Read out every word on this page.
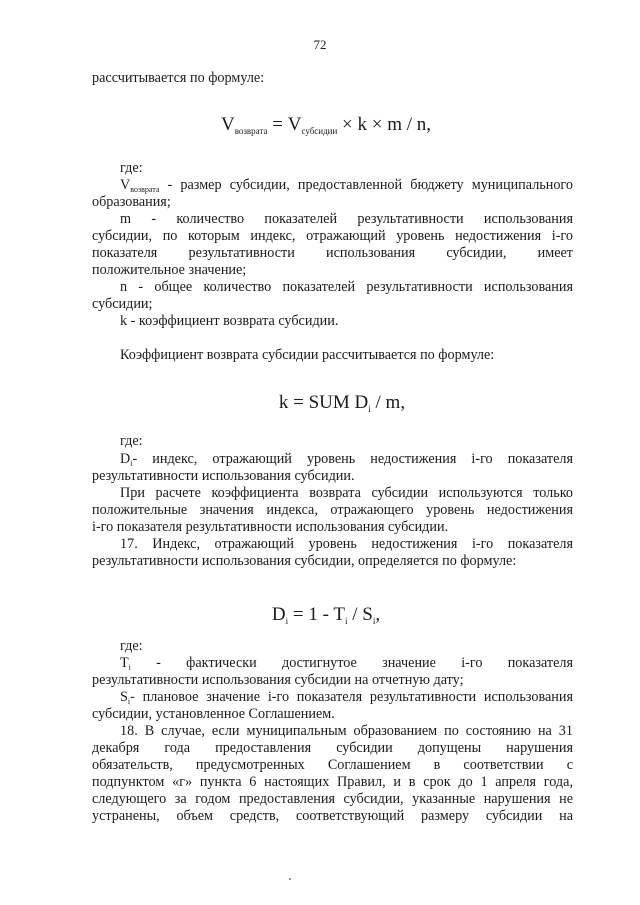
72

рассчитывается по формуле:

$V_{возврата} = V_{субсидии} \times k \times m / n$,

где:

$V_{возврата}$ - размер субсидии, предоставленной бюджету муниципального

образования;

m - количество показателей результативности использования

субсидии, по которым индекс, отражающий уровень недостижения i-го

показателя результативности использования субсидии, имеет

положительное значение;

n - общее количество показателей результативности использования

субсидии;

k - коэффициент возврата субсидии.

Коэффициент возврата субсидии рассчитывается по формуле:

k = SUM $D_i$ / m,

где:

$D_i-$ индекс, отражающий уровень недостижения i-го показателя

результативности использования субсидии.

При расчете коэффициента возврата субсидии используются только

положительные значения индекса, отражающего уровень недостижения

i-го показателя результативности использования субсидии.

17. Индекс, отражающий уровень недостижения i-го показателя

результативности использования субсидии, определяется по формуле:

$D_i = 1 - T_i / S_i$,

где:

$T_i$ - фактически достигнутое значение i-го показателя

результативности использования субсидии на отчетную дату;

$S_i-$ плановое значение i-го показателя результативности использования

субсидии, установленное Соглашением.

18. В случае, если муниципальным образованием по состоянию на 31

декабря года предоставления субсидии допущены нарушения

обязательств, предусмотренных Соглашением в соответствии с

подпунктом «г» пункта 6 настоящих Правил, и в срок до 1 апреля года,

следующего за годом предоставления субсидии, указанные нарушения не

устранены, объем средств, соответствующий размеру субсидии на
